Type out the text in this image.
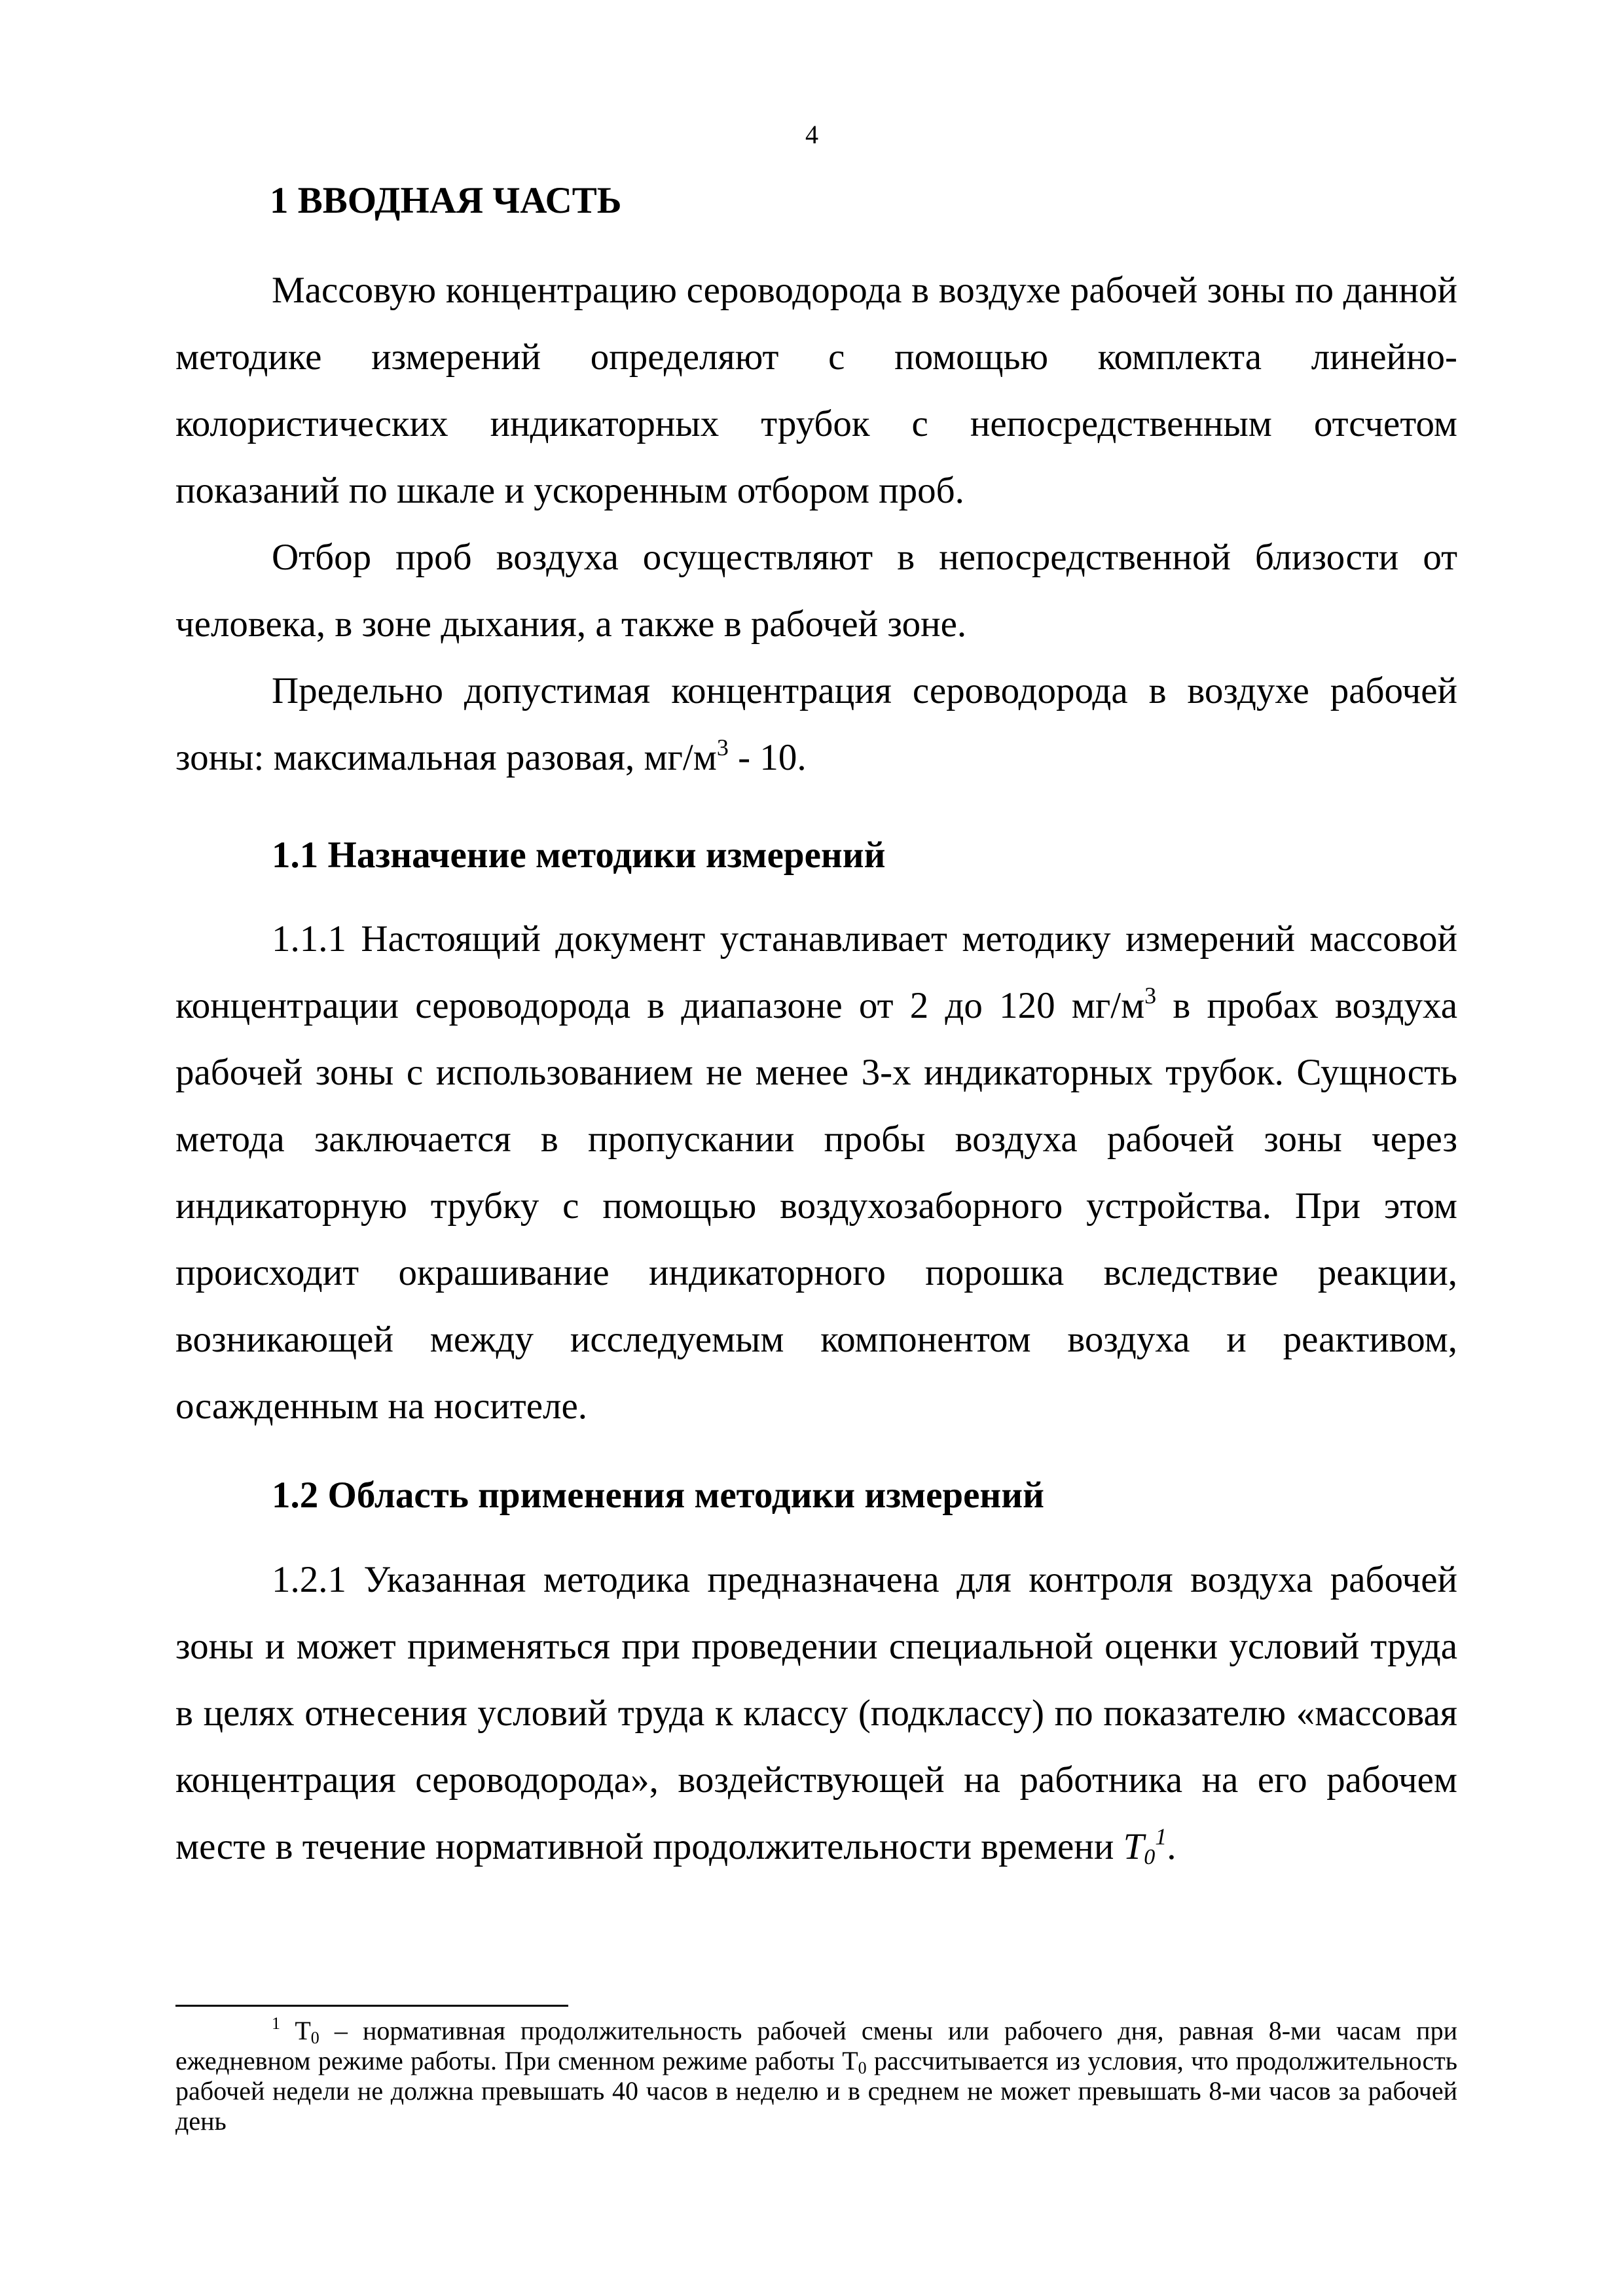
4
1 ВВОДНАЯ ЧАСТЬ

Массовую концентрацию сероводорода в воздухе рабочей зоны по данной методике измерений определяют с помощью комплекта линейно-колористических индикаторных трубок с непосредственным отсчетом показаний по шкале и ускоренным отбором проб.

Отбор проб воздуха осуществляют в непосредственной близости от человека, в зоне дыхания, а также в рабочей зоне.

Предельно допустимая концентрация сероводорода в воздухе рабочей зоны: максимальная разовая, $мг/м^3 - 10$.

1.1 Назначение методики измерений

1.1.1 Настоящий документ устанавливает методику измерений массовой концентрации сероводорода в диапазоне от 2 до 120 $мг/м^3$ в пробах воздуха рабочей зоны с использованием не менее 3-х индикаторных трубок. Сущность метода заключается в пропускании пробы воздуха рабочей зоны через индикаторную трубку с помощью воздухозаборного устройства. При этом происходит окрашивание индикаторного порошка вследствие реакции, возникающей между исследуемым компонентом воздуха и реактивом, осажденным на носителе.

1.2 Область применения методики измерений

1.2.1 Указанная методика предназначена для контроля воздуха рабочей зоны и может применяться при проведении специальной оценки условий труда в целях отнесения условий труда к классу (подклассу) по показателю «массовая концентрация сероводорода», воздействующей на работника на его рабочем месте в течение нормативной продолжительности времени $T_0^1$.

$^1$ $T_0$ – нормативная продолжительность рабочей смены или рабочего дня, равная 8-ми часам при ежедневном режиме работы. При сменном режиме работы $T_0$ рассчитывается из условия, что продолжительность рабочей недели не должна превышать 40 часов в неделю и в среднем не может превышать 8-ми часов за рабочей день
